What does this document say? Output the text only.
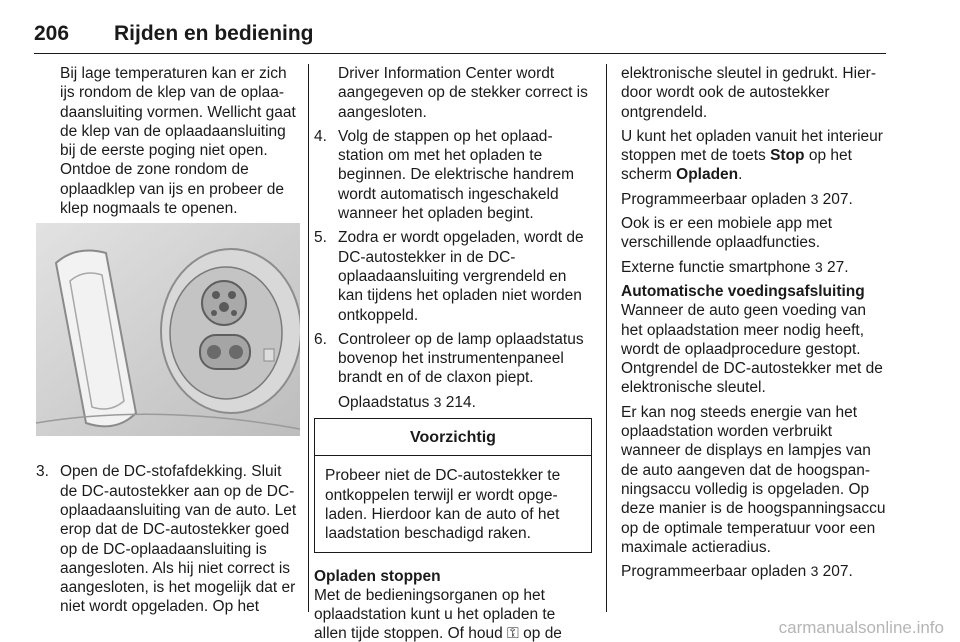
206 Rijden en bediening

Bij lage temperaturen kan er zich ijs rondom de klep van de oplaadaansluiting vormen. Wellicht gaat de klep van de oplaadaansluiting bij de eerste poging niet open. Ontdoe de zone rondom de oplaadklep van ijs en probeer de klep nogmaals te openen.

3. Open de DC-stofafdekking. Sluit de DC-autostekker aan op de DC-oplaadaansluiting van de auto. Let erop dat de DC-autostekker goed op de DC-oplaadaansluiting is aangesloten. Als hij niet correct is aangesloten, is het mogelijk dat er niet wordt opgeladen. Op het

Driver Information Center wordt aangegeven op de stekker correct is aangesloten.

4. Volg de stappen op het oplaadstation om met het opladen te beginnen. De elektrische handrem wordt automatisch ingeschakeld wanneer het opladen begint.
5. Zodra er wordt opgeladen, wordt de DC-autostekker in de DC-oplaadaansluiting vergrendeld en kan tijdens het opladen niet worden ontkoppeld.
6. Controleer op de lamp oplaadstatus bovenop het instrumentenpaneel brandt en of de claxon piept.

Oplaadstatus 3 214.

Voorzichtig
Probeer niet de DC-autostekker te ontkoppelen terwijl er wordt opgeladen. Hierdoor kan de auto of het laadstation beschadigd raken.
Opladen stoppen

Met de bedieningsorganen op het oplaadstation kunt u het opladen te allen tijde stoppen. Of houd ⚿ op de

elektronische sleutel in gedrukt. Hierdoor wordt ook de autostekker ontgrendeld.

U kunt het opladen vanuit het interieur stoppen met de toets Stop op het scherm Opladen.

Programmeerbaar opladen 3 207.

Ook is er een mobiele app met verschillende oplaadfuncties.

Externe functie smartphone 3 27.

Automatische voedingsafsluiting

Wanneer de auto geen voeding van het oplaadstation meer nodig heeft, wordt de oplaadprocedure gestopt. Ontgrendel de DC-autostekker met de elektronische sleutel.

Er kan nog steeds energie van het oplaadstation worden verbruikt wanneer de displays en lampjes van de auto aangeven dat de hoogspanningsaccu volledig is opgeladen. Op deze manier is de hoogspanningsaccu op de optimale temperatuur voor een maximale actieradius.

Programmeerbaar opladen 3 207.

carmanualsonline.info
